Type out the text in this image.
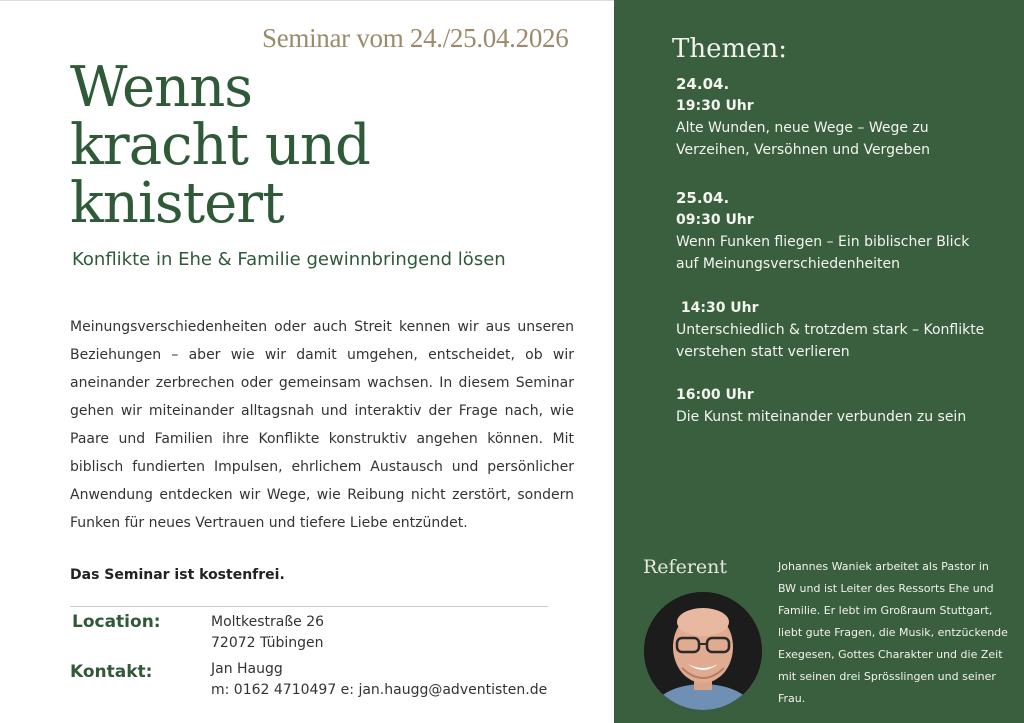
Seminar vom 24./25.04.2026
Wenns
kracht und
knistert
Konflikte in Ehe & Familie gewinnbringend lösen
Meinungsverschiedenheiten oder auch Streit kennen wir aus unseren Beziehungen – aber wie wir damit umgehen, entscheidet, ob wir aneinander zerbrechen oder gemeinsam wachsen. In diesem Seminar gehen wir miteinander alltagsnah und interaktiv der Frage nach, wie Paare und Familien ihre Konflikte konstruktiv angehen können. Mit biblisch fundierten Impulsen, ehrlichem Austausch und persönlicher Anwendung entdecken wir Wege, wie Reibung nicht zerstört, sondern Funken für neues Vertrauen und tiefere Liebe entzündet.
Das Seminar ist kostenfrei.
Location:	Moltkestraße 26
72072 Tübingen
Kontakt:	Jan Haugg
m: 0162 4710497 e: jan.haugg@adventisten.de
Themen:
24.04.
19:30 Uhr
Alte Wunden, neue Wege – Wege zu Verzeihen, Versöhnen und Vergeben
25.04.
09:30 Uhr
Wenn Funken fliegen – Ein biblischer Blick auf Meinungsverschiedenheiten
14:30 Uhr
Unterschiedlich & trotzdem stark – Konflikte verstehen statt verlieren
16:00 Uhr
Die Kunst miteinander verbunden zu sein
Referent	Johannes Waniek arbeitet als Pastor in BW und ist Leiter des Ressorts Ehe und Familie. Er lebt im Großraum Stuttgart, liebt gute Fragen, die Musik, entzückende Exegesen, Gottes Charakter und die Zeit mit seinen drei Sprösslingen und seiner Frau.
